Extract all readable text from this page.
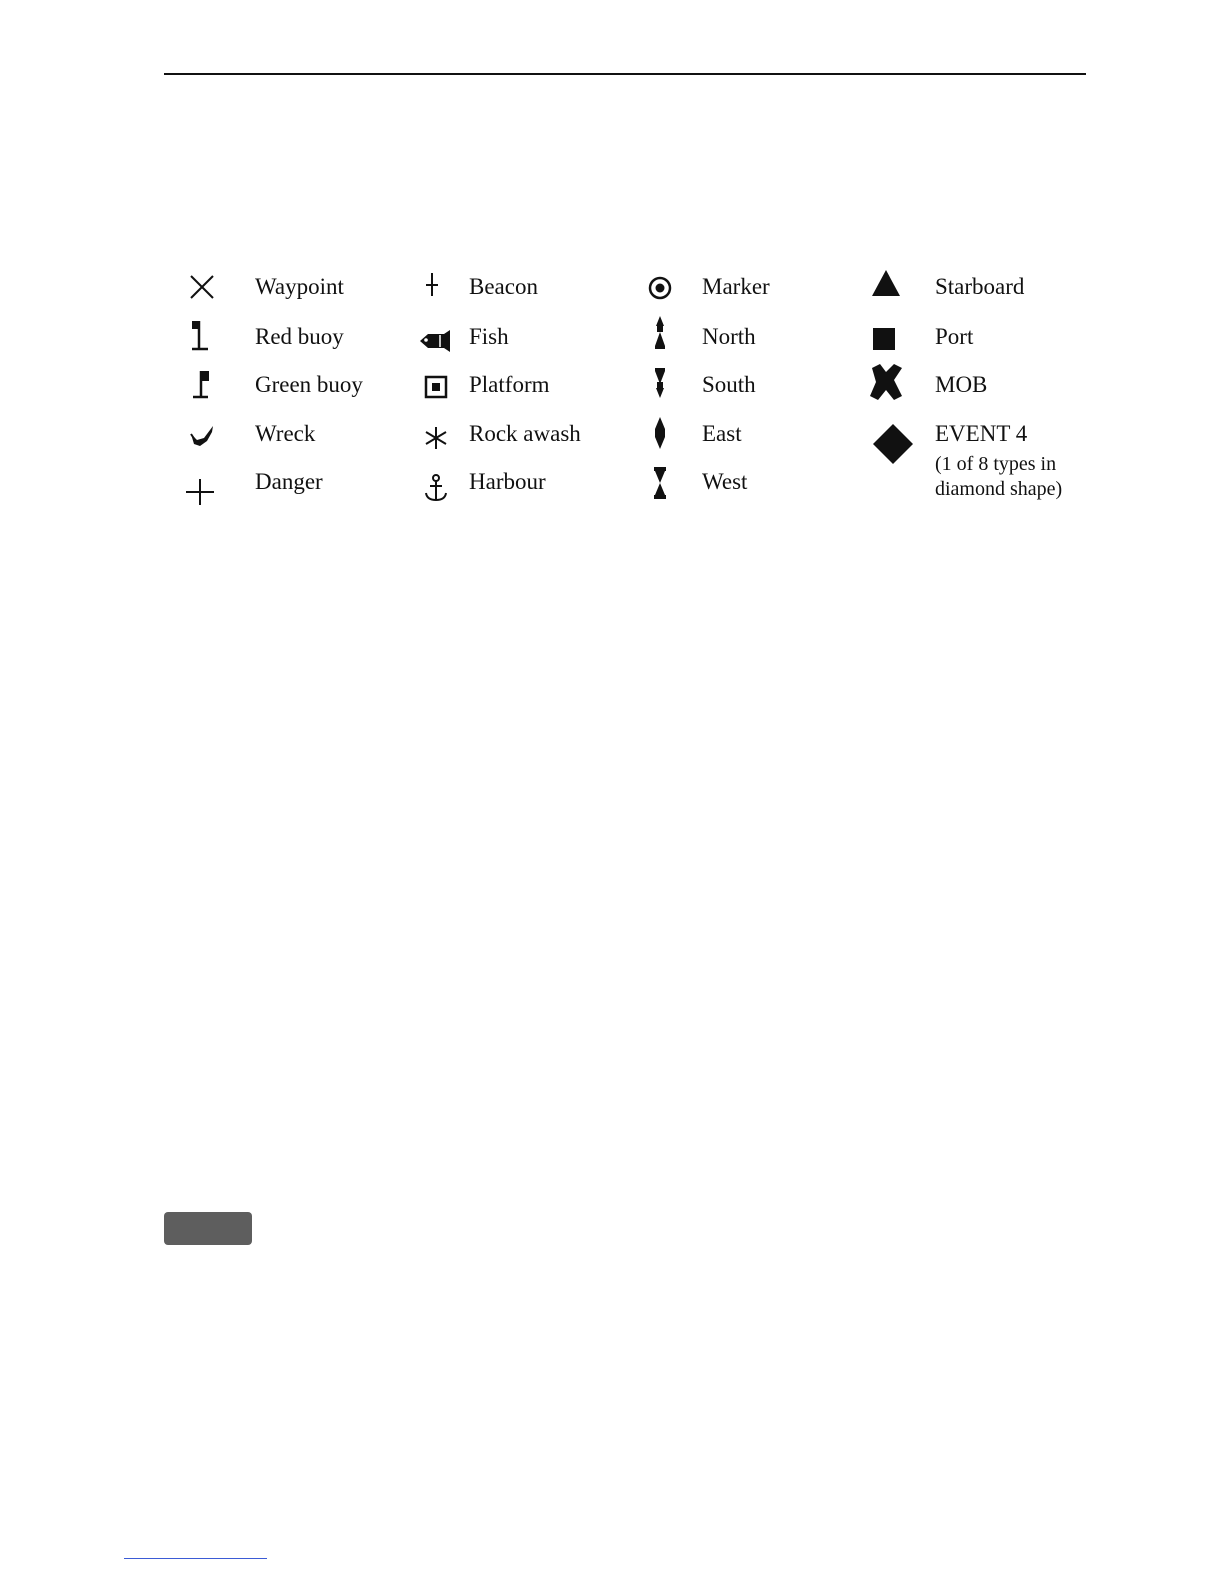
Waypoint
Red buoy
Green buoy
Wreck
Danger
Beacon
Fish
Platform
Rock awash
Harbour
Marker
North
South
East
West
Starboard
Port
MOB
EVENT 4
(1 of 8 types in
diamond shape)
